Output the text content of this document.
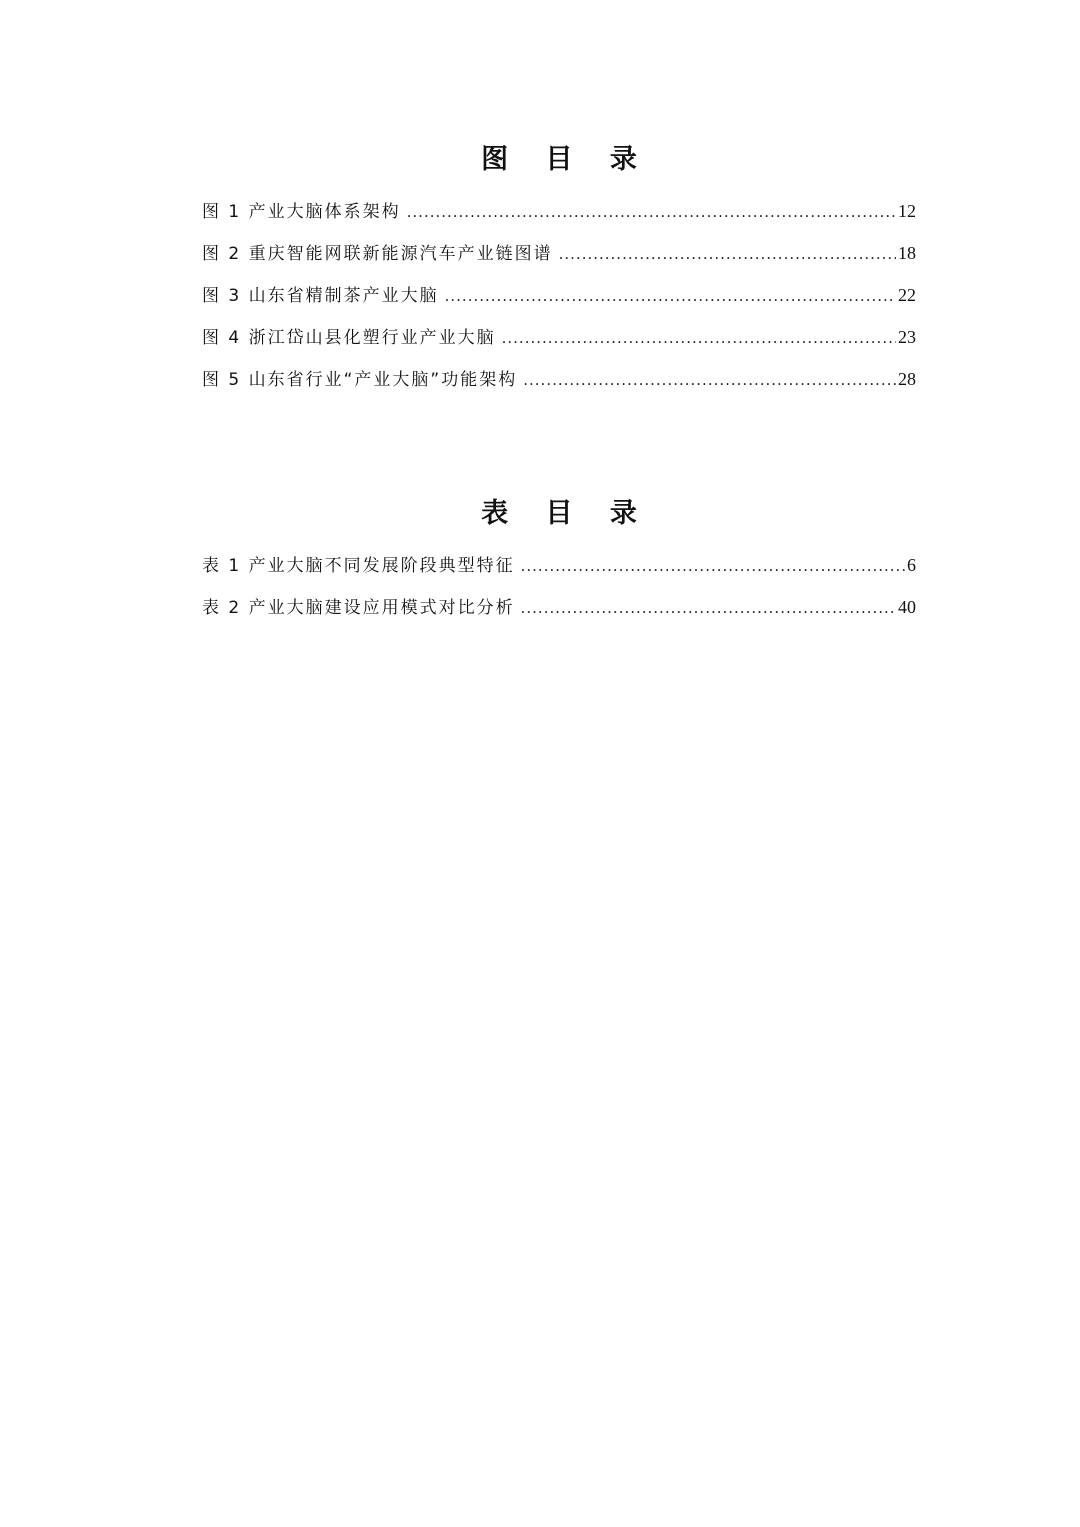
图 目 录
图 1 产业大脑体系架构 .....	12
图 2 重庆智能网联新能源汽车产业链图谱 .....	18
图 3 山东省精制茶产业大脑 .....	22
图 4 浙江岱山县化塑行业产业大脑 .....	23
图 5 山东省行业“产业大脑”功能架构 .....	28
表 目 录
表 1 产业大脑不同发展阶段典型特征 .....	6
表 2 产业大脑建设应用模式对比分析 .....	40
